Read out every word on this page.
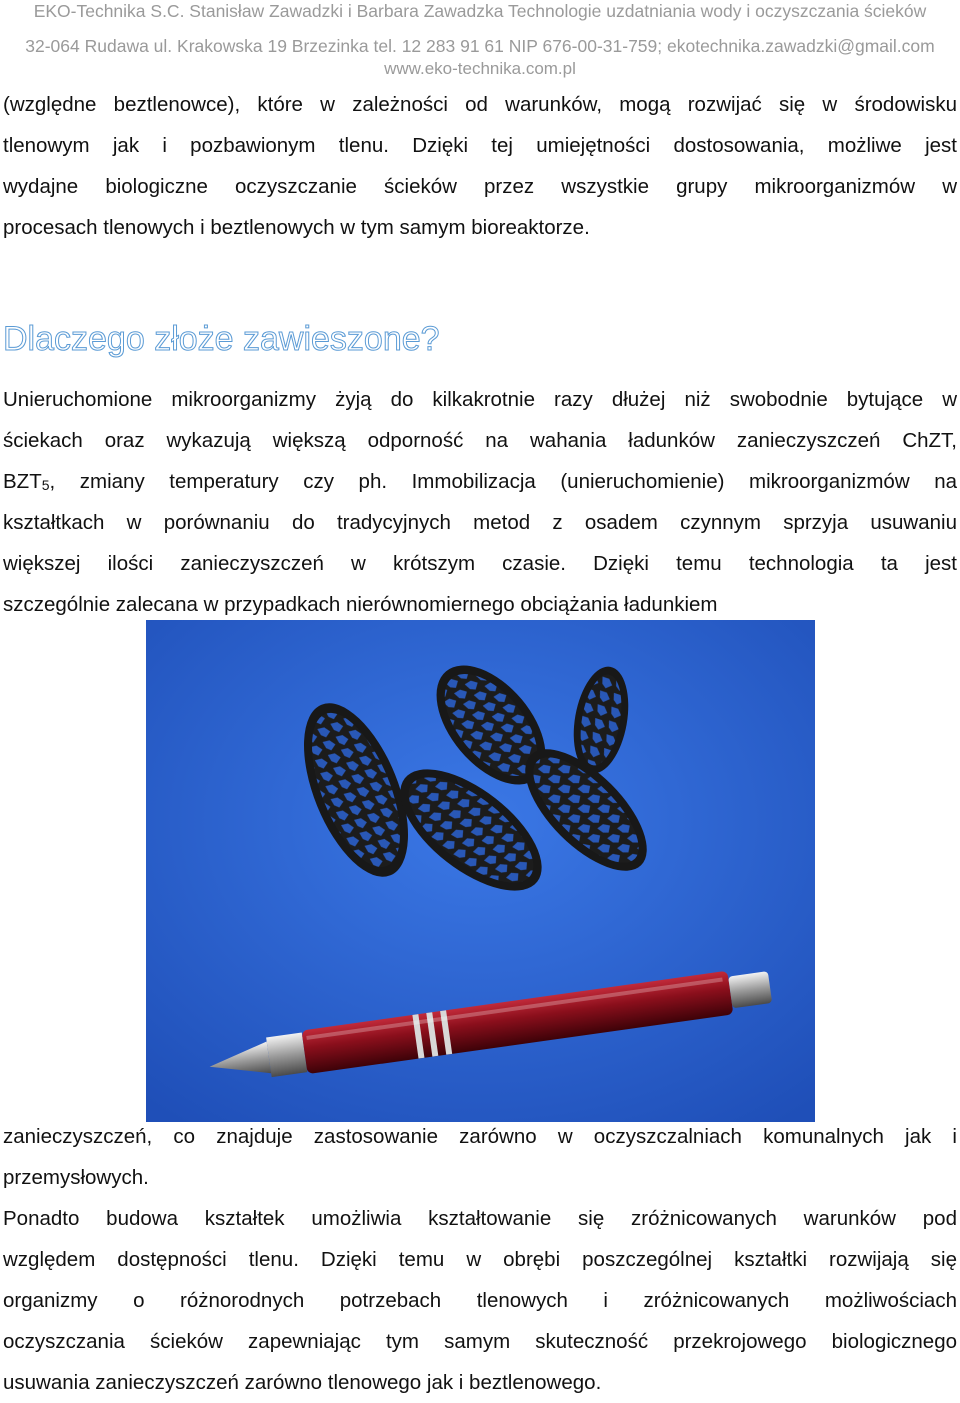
EKO-Technika S.C. Stanisław Zawadzki i Barbara Zawadzka Technologie uzdatniania wody i oczyszczania ścieków
32-064 Rudawa ul. Krakowska 19 Brzezinka tel. 12 283 91 61 NIP 676-00-31-759; ekotechnika.zawadzki@gmail.com
www.eko-technika.com.pl
(względne beztlenowce), które w zależności od warunków, mogą rozwijać się w środowisku
tlenowym jak i pozbawionym tlenu. Dzięki tej umiejętności dostosowania, możliwe jest
wydajne biologiczne oczyszczanie ścieków przez wszystkie grupy mikroorganizmów w
procesach tlenowych i beztlenowych w tym samym bioreaktorze.
Dlaczego złoże zawieszone?
Unieruchomione mikroorganizmy żyją do kilkakrotnie razy dłużej niż swobodnie bytujące w
ściekach oraz wykazują większą odporność na wahania ładunków zanieczyszczeń ChZT,
$BZT_5$, zmiany temperatury czy ph. Immobilizacja (unieruchomienie) mikroorganizmów na
kształtkach w porównaniu do tradycyjnych metod z osadem czynnym sprzyja usuwaniu
większej ilości zanieczyszczeń w krótszym czasie. Dzięki temu technologia ta jest
szczególnie zalecana w przypadkach nierównomiernego obciążania ładunkiem
zanieczyszczeń, co znajduje zastosowanie zarówno w oczyszczalniach komunalnych jak i
przemysłowych.
Ponadto budowa kształtek umożliwia kształtowanie się zróżnicowanych warunków pod
względem dostępności tlenu. Dzięki temu w obrębi poszczególnej kształtki rozwijają się
organizmy o różnorodnych potrzebach tlenowych i zróżnicowanych możliwościach
oczyszczania ścieków zapewniając tym samym skuteczność przekrojowego biologicznego
usuwania zanieczyszczeń zarówno tlenowego jak i beztlenowego.
